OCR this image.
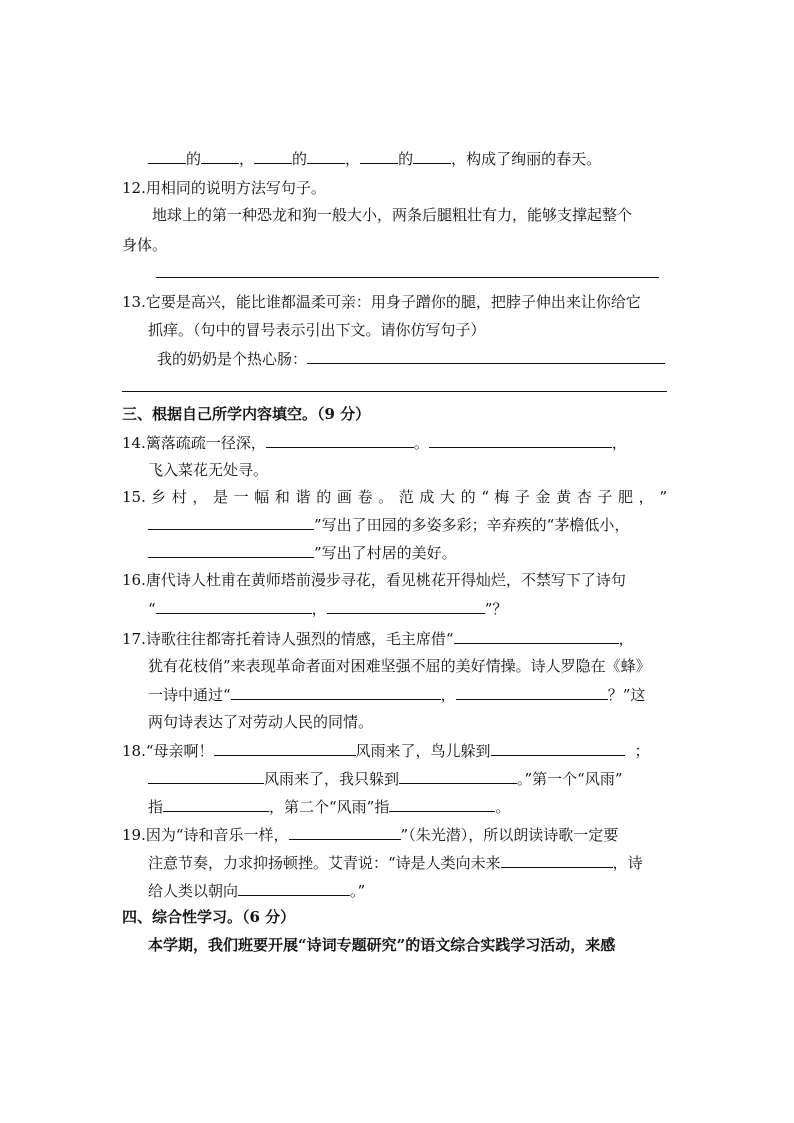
的	，	的	，	的	，构成了绚丽的春天。
12.用相同的说明方法写句子。
地球上的第一种恐龙和狗一般大小，两条后腿粗壮有力，能够支撑起整个
身体。
13.它要是高兴，能比谁都温柔可亲：用身子蹭你的腿，把脖子伸出来让你给它
抓痒。（句中的冒号表示引出下文。请你仿写句子）
我的奶奶是个热心肠：
三、根据自己所学内容填空。（9 分）
14.篱落疏疏一径深，	。	，
飞入菜花无处寻。
15. 乡 村 ， 是 一 幅 和 谐 的 画 卷 。 范 成 大 的 “ 梅 子 金 黄 杏 子 肥 ， ”
”写出了田园的多姿多彩；辛弃疾的“茅檐低小，
”写出了村居的美好。
16.唐代诗人杜甫在黄师塔前漫步寻花，看见桃花开得灿烂，不禁写下了诗句
“	，	”？
17.诗歌往往都寄托着诗人强烈的情感，毛主席借“	，
犹有花枝俏”来表现革命者面对困难坚强不屈的美好情操。诗人罗隐在《蜂》
一诗中通过“	，	？”这
两句诗表达了对劳动人民的同情。
18.“母亲啊！	风雨来了，鸟儿躲到	；
风雨来了，我只躲到	。”第一个“风雨”
指	，第二个“风雨”指	。
19.因为“诗和音乐一样，	”（朱光潜），所以朗读诗歌一定要
注意节奏，力求抑扬顿挫。艾青说：“诗是人类向未来	，诗
给人类以朝向	。”
四、综合性学习。（6 分）
本学期，我们班要开展“诗词专题研究”的语文综合实践学习活动，来感
